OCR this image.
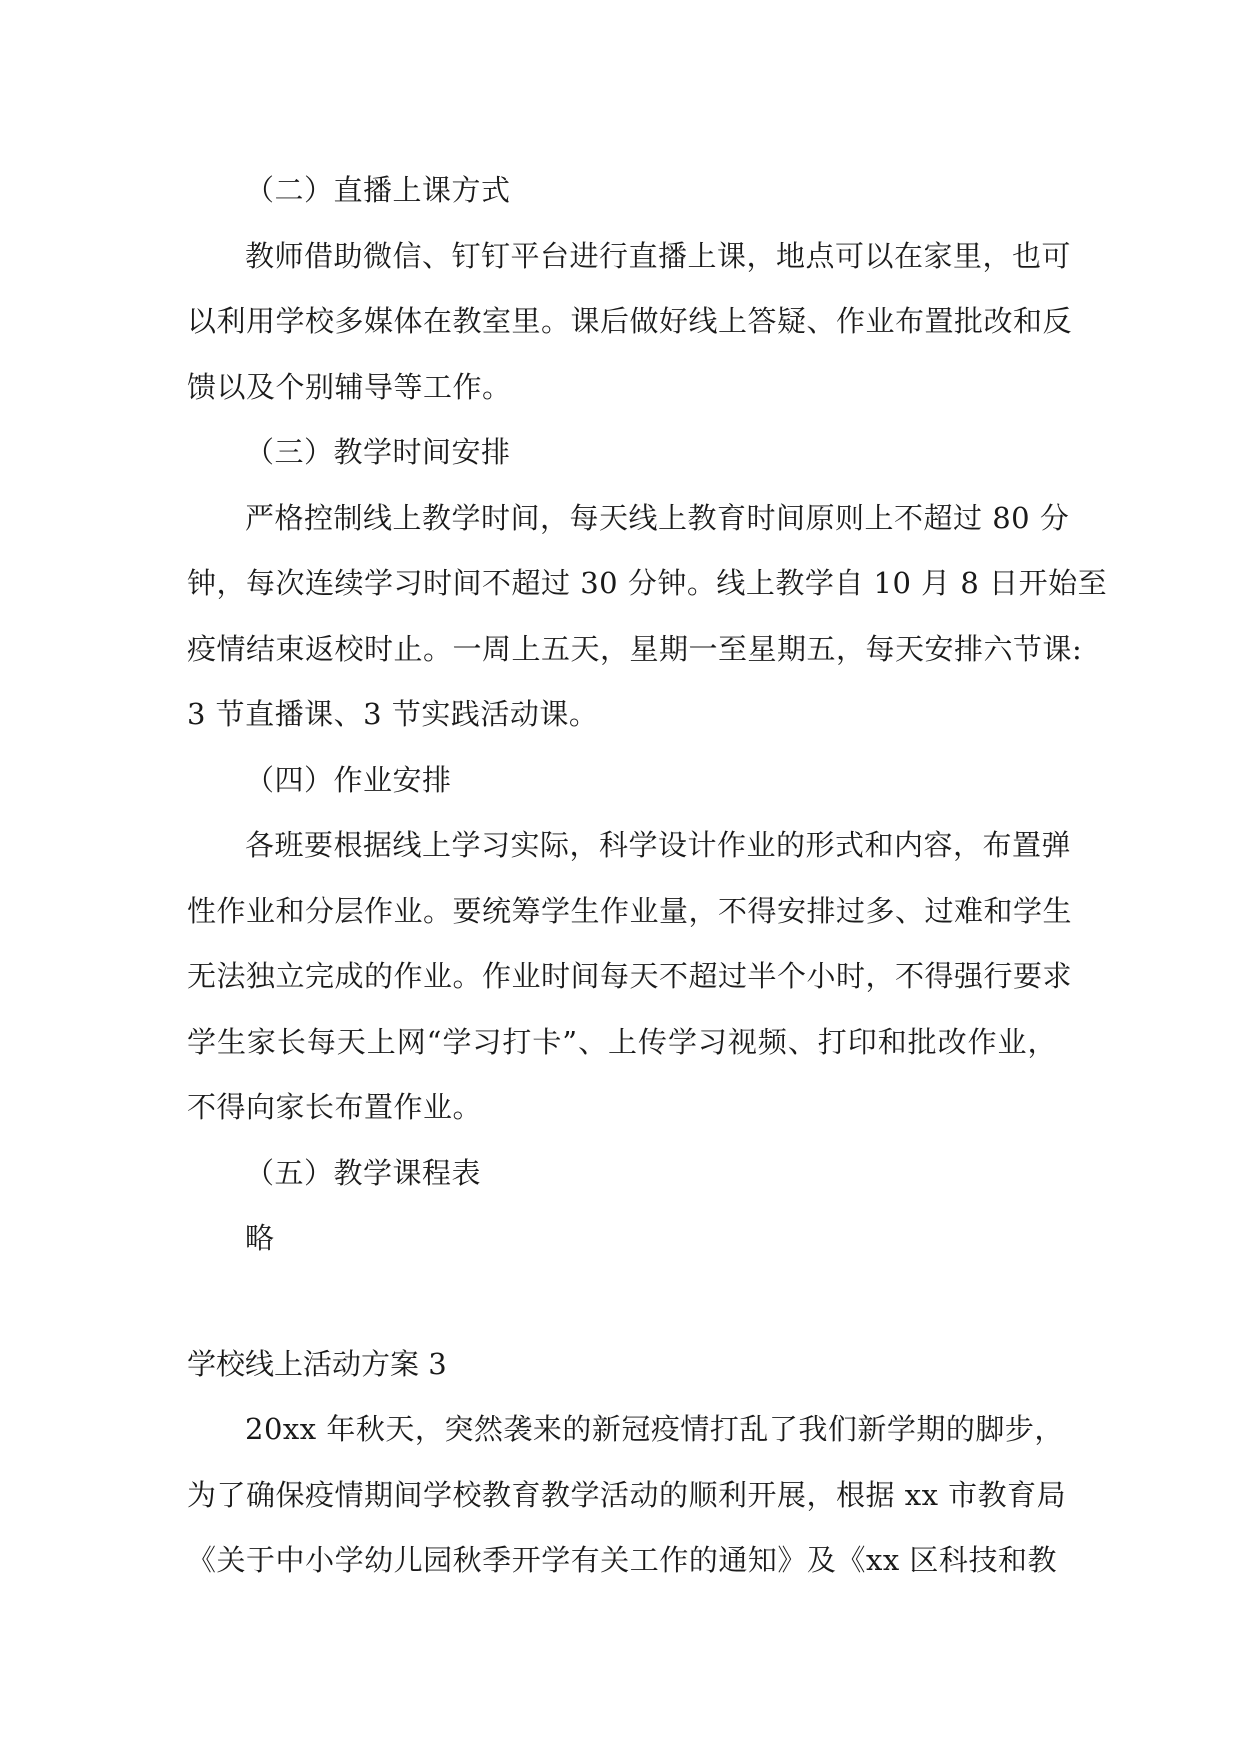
（二）直播上课方式
教师借助微信、钉钉平台进行直播上课，地点可以在家里，也可
以利用学校多媒体在教室里。课后做好线上答疑、作业布置批改和反
馈以及个别辅导等工作。
（三）教学时间安排
严格控制线上教学时间，每天线上教育时间原则上不超过 80 分
钟，每次连续学习时间不超过 30 分钟。线上教学自 10 月 8 日开始至
疫情结束返校时止。一周上五天，星期一至星期五，每天安排六节课:
3 节直播课、3 节实践活动课。
（四）作业安排
各班要根据线上学习实际，科学设计作业的形式和内容，布置弹
性作业和分层作业。要统筹学生作业量，不得安排过多、过难和学生
无法独立完成的作业。作业时间每天不超过半个小时，不得强行要求
学生家长每天上网“学习打卡”、上传学习视频、打印和批改作业，
不得向家长布置作业。
（五）教学课程表
略
学校线上活动方案 3
20xx 年秋天，突然袭来的新冠疫情打乱了我们新学期的脚步，
为了确保疫情期间学校教育教学活动的顺利开展，根据 xx 市教育局
《关于中小学幼儿园秋季开学有关工作的通知》及《xx 区科技和教
